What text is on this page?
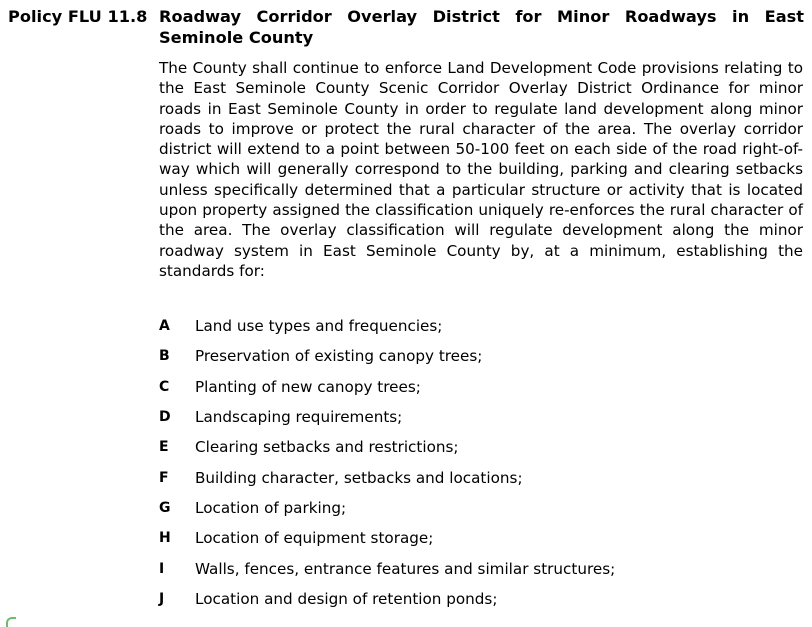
Policy FLU 11.8 Roadway Corridor Overlay District for Minor Roadways in East Seminole County

The County shall continue to enforce Land Development Code provisions relating to the East Seminole County Scenic Corridor Overlay District Ordinance for minor roads in East Seminole County in order to regulate land development along minor roads to improve or protect the rural character of the area. The overlay corridor district will extend to a point between 50-100 feet on each side of the road right-of-way which will generally correspond to the building, parking and clearing setbacks unless specifically determined that a particular structure or activity that is located upon property assigned the classification uniquely re-enforces the rural character of the area. The overlay classification will regulate development along the minor roadway system in East Seminole County by, at a minimum, establishing the standards for:

A	Land use types and frequencies;
B	Preservation of existing canopy trees;
C	Planting of new canopy trees;
D	Landscaping requirements;
E	Clearing setbacks and restrictions;
F	Building character, setbacks and locations;
G	Location of parking;
H	Location of equipment storage;
I	Walls, fences, entrance features and similar structures;
J	Location and design of retention ponds;
